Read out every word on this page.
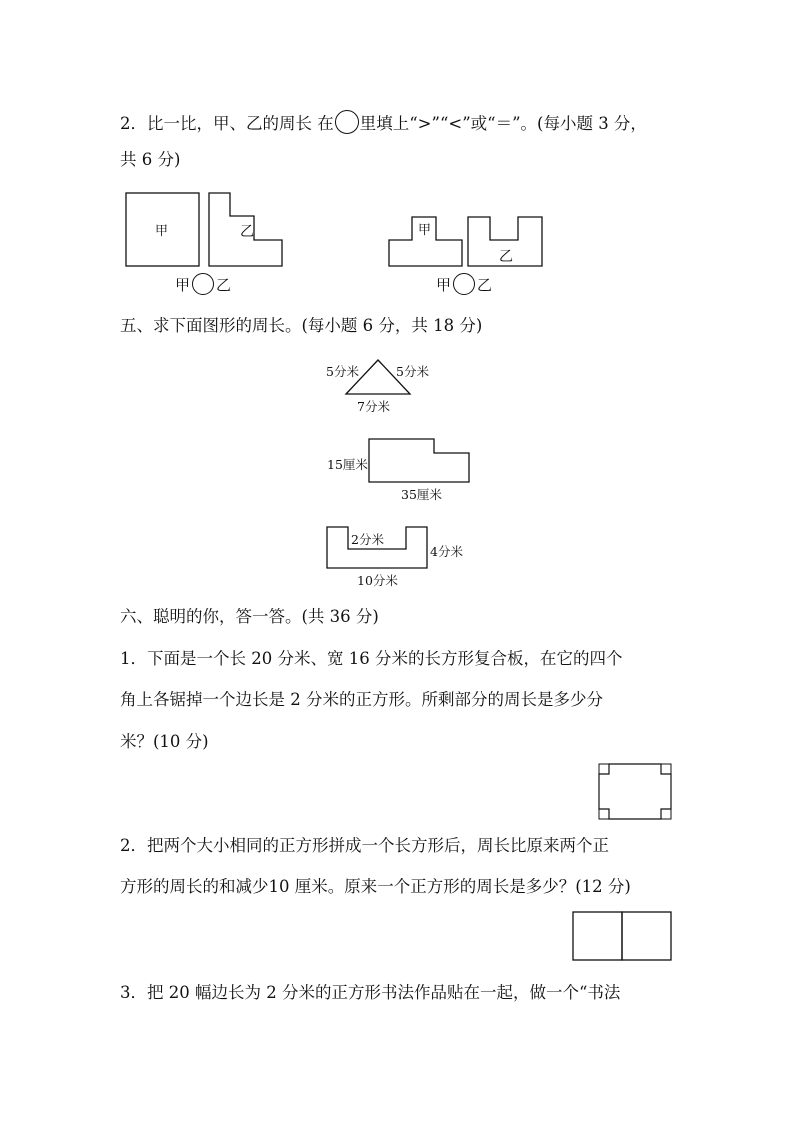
2．比一比，甲、乙的周长 在 里填上“>”“<”或“＝”。(每小题 3 分，
共 6 分)
甲	乙	甲
乙
甲 乙	甲 乙
五、求下面图形的周长。(每小题 6 分，共 18 分)
5分米	5分米
7分米
15厘米
35厘米
2分米
4分米
10分米
六、聪明的你，答一答。(共 36 分)
1．下面是一个长 20 分米、宽 16 分米的长方形复合板，在它的四个
角上各锯掉一个边长是 2 分米的正方形。所剩部分的周长是多少分
米？(10 分)
2．把两个大小相同的正方形拼成一个长方形后，周长比原来两个正
方形的周长的和减少10 厘米。原来一个正方形的周长是多少？(12 分)
3．把 20 幅边长为 2 分米的正方形书法作品贴在一起，做一个“书法
